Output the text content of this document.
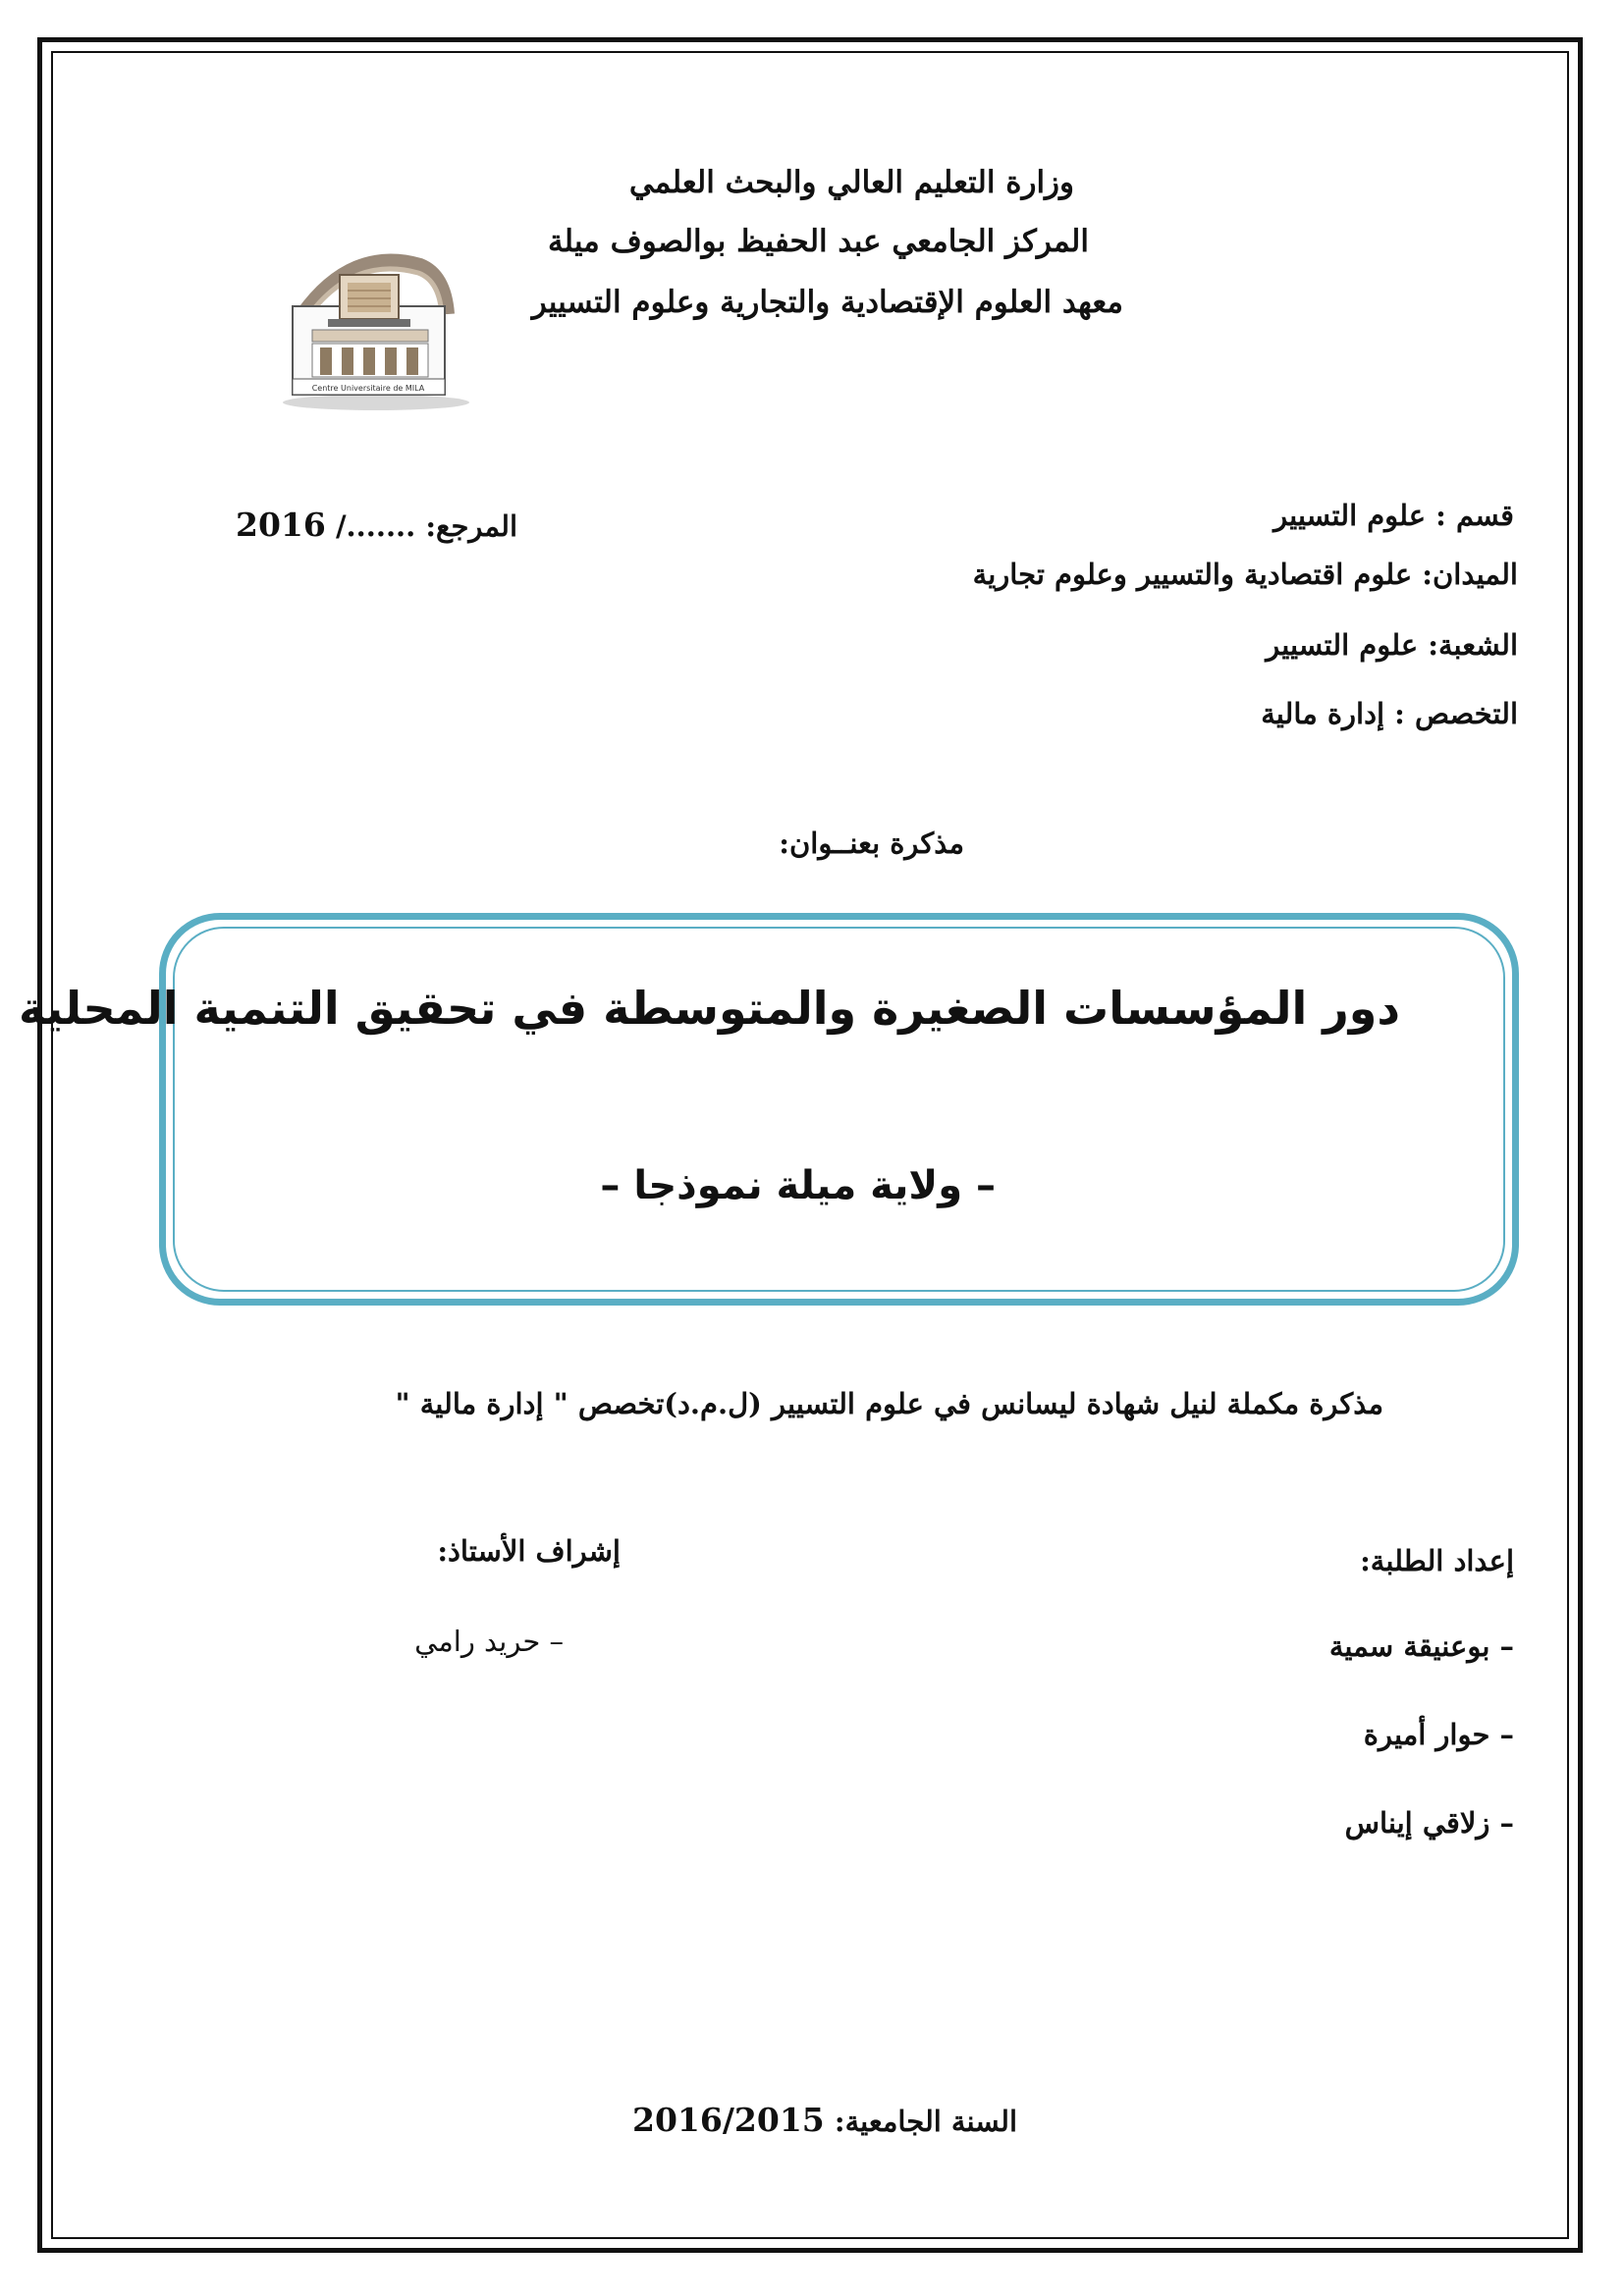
وزارة التعليم العالي والبحث العلمي
المركز الجامعي عبد الحفيظ بوالصوف ميلة
معهد العلوم الإقتصادية والتجارية وعلوم التسيير
Centre Universitaire de MILA
قسم : علوم التسيير
الميدان: علوم اقتصادية والتسيير وعلوم تجارية
الشعبة: علوم التسيير
التخصص : إدارة مالية
المرجع: ......./ 2016
مذكرة بعنــوان:
دور المؤسسات الصغيرة والمتوسطة في تحقيق التنمية المحلية
– ولاية ميلة نموذجا –
مذكرة مكملة لنيل شهادة ليسانس في علوم التسيير (ل.م.د)تخصص " إدارة مالية "
إعداد الطلبة:
– بوعنيقة سمية
– حوار أميرة
– زلاقي إيناس
إشراف الأستاذ:
– حريد رامي
السنة الجامعية: 2016/2015
